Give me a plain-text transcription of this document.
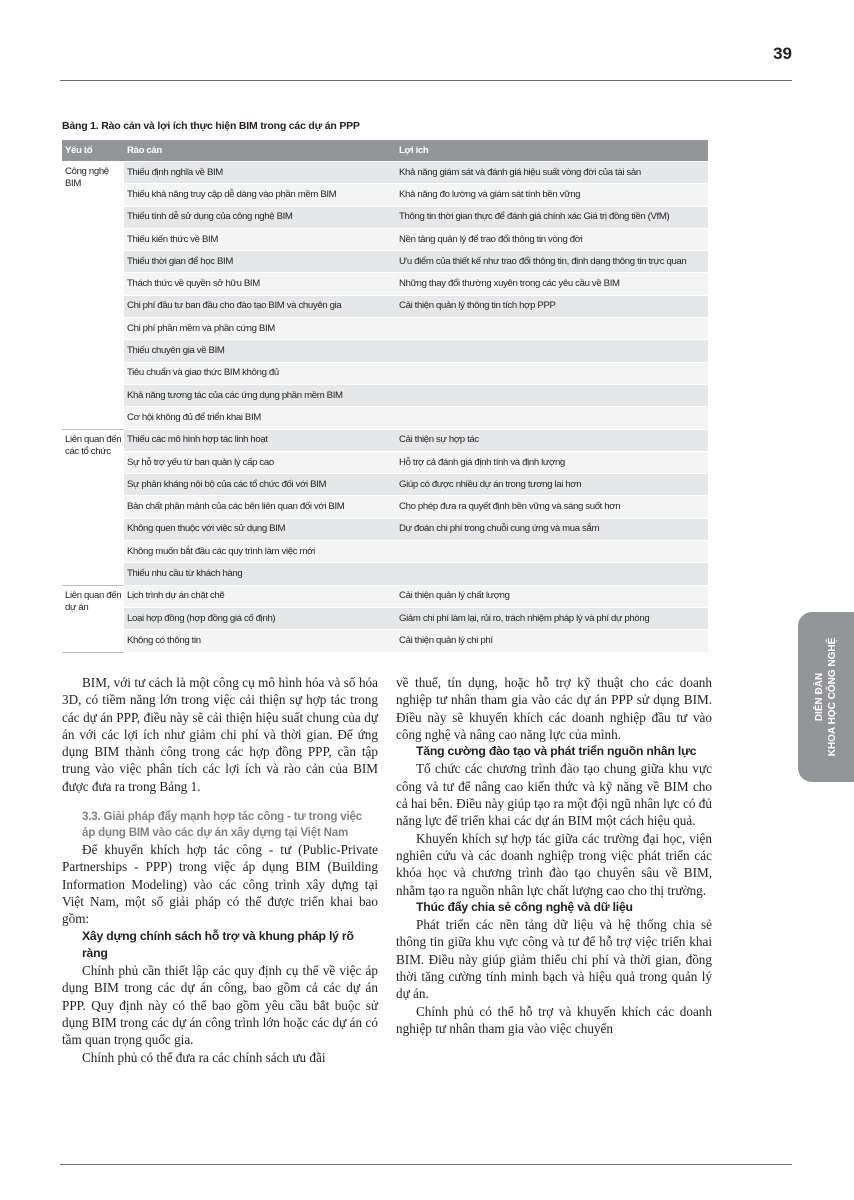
39
Bảng 1. Rào cản và lợi ích thực hiện BIM trong các dự án PPP
Yếu tố	Rào cản	Lợi ích
Công nghệ BIM	Thiếu định nghĩa về BIM	Khả năng giám sát và đánh giá hiệu suất vòng đời của tài sản
	Thiếu khả năng truy cập dễ dàng vào phần mềm BIM	Khả năng đo lường và giám sát tính bền vững
	Thiếu tính dễ sử dụng của công nghệ BIM	Thông tin thời gian thực để đánh giá chính xác Giá trị đồng tiền (VfM)
	Thiếu kiến thức về BIM	Nền tảng quản lý để trao đổi thông tin vòng đời
	Thiếu thời gian để học BIM	Ưu điểm của thiết kế như trao đổi thông tin, định dạng thông tin trực quan
	Thách thức về quyền sở hữu BIM	Những thay đổi thường xuyên trong các yêu cầu về BIM
	Chi phí đầu tư ban đầu cho đào tạo BIM và chuyên gia	Cải thiện quản lý thông tin tích hợp PPP
	Chi phí phần mềm và phần cứng BIM	
	Thiếu chuyên gia về BIM	
	Tiêu chuẩn và giao thức BIM không đủ	
	Khả năng tương tác của các ứng dụng phần mềm BIM	
	Cơ hội không đủ để triển khai BIM	
Liên quan đến các tổ chức	Thiếu các mô hình hợp tác linh hoạt	Cải thiện sự hợp tác
	Sự hỗ trợ yếu từ ban quản lý cấp cao	Hỗ trợ cả đánh giá định tính và định lượng
	Sự phản kháng nội bộ của các tổ chức đối với BIM	Giúp có được nhiều dự án trong tương lai hơn
	Bản chất phân mảnh của các bên liên quan đối với BIM	Cho phép đưa ra quyết định bền vững và sáng suốt hơn
	Không quen thuộc với việc sử dụng BIM	Dự đoán chi phí trong chuỗi cung ứng và mua sắm
	Không muốn bắt đầu các quy trình làm việc mới	
	Thiếu nhu cầu từ khách hàng	
Liên quan đến dự án	Lịch trình dự án chặt chẽ	Cải thiện quản lý chất lượng
	Loại hợp đồng (hợp đồng giá cố định)	Giảm chi phí làm lại, rủi ro, trách nhiệm pháp lý và phí dự phòng
	Không có thông tin	Cải thiện quản lý chi phí
DIỄN ĐÀN KHOA HỌC CÔNG NGHỆ

BIM, với tư cách là một công cụ mô hình hóa và số hóa 3D, có tiềm năng lớn trong việc cải thiện sự hợp tác trong các dự án PPP, điều này sẽ cải thiện hiệu suất chung của dự án với các lợi ích như giảm chi phí và thời gian. Để ứng dụng BIM thành công trong các hợp đồng PPP, cần tập trung vào việc phân tích các lợi ích và rào cản của BIM được đưa ra trong Bảng 1.

3.3. Giải pháp đẩy mạnh hợp tác công - tư trong việc áp dụng BIM vào các dự án xây dựng tại Việt Nam

Để khuyến khích hợp tác công - tư (Public-Private Partnerships - PPP) trong việc áp dụng BIM (Building Information Modeling) vào các công trình xây dựng tại Việt Nam, một số giải pháp có thể được triển khai bao gồm:

Xây dựng chính sách hỗ trợ và khung pháp lý rõ ràng

Chính phủ cần thiết lập các quy định cụ thể về việc áp dụng BIM trong các dự án công, bao gồm cả các dự án PPP. Quy định này có thể bao gồm yêu cầu bắt buộc sử dụng BIM trong các dự án công trình lớn hoặc các dự án có tầm quan trọng quốc gia.

Chính phủ có thể đưa ra các chính sách ưu đãi

về thuế, tín dụng, hoặc hỗ trợ kỹ thuật cho các doanh nghiệp tư nhân tham gia vào các dự án PPP sử dụng BIM. Điều này sẽ khuyến khích các doanh nghiệp đầu tư vào công nghệ và nâng cao năng lực của mình.

Tăng cường đào tạo và phát triển nguồn nhân lực

Tổ chức các chương trình đào tạo chung giữa khu vực công và tư để nâng cao kiến thức và kỹ năng về BIM cho cả hai bên. Điều này giúp tạo ra một đội ngũ nhân lực có đủ năng lực để triển khai các dự án BIM một cách hiệu quả.

Khuyến khích sự hợp tác giữa các trường đại học, viện nghiên cứu và các doanh nghiệp trong việc phát triển các khóa học và chương trình đào tạo chuyên sâu về BIM, nhằm tạo ra nguồn nhân lực chất lượng cao cho thị trường.

Thúc đẩy chia sẻ công nghệ và dữ liệu

Phát triển các nền tảng dữ liệu và hệ thống chia sẻ thông tin giữa khu vực công và tư để hỗ trợ việc triển khai BIM. Điều này giúp giảm thiểu chi phí và thời gian, đồng thời tăng cường tính minh bạch và hiệu quả trong quản lý dự án.

Chính phủ có thể hỗ trợ và khuyến khích các doanh nghiệp tư nhân tham gia vào việc chuyển
